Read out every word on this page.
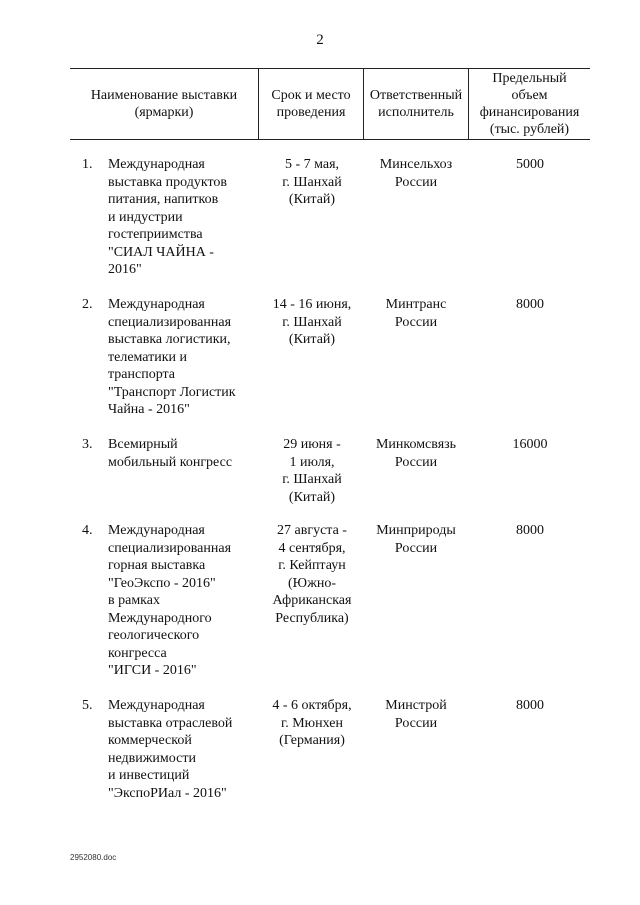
2
Наименование выставки
(ярмарки)
Срок и место
проведения
Ответственный
исполнитель
Предельный
объем
финансирования
(тыс. рублей)
1. Международная
выставка продуктов
питания, напитков
и индустрии
гостеприимства
"СИАЛ ЧАЙНА -
2016"
5 - 7 мая,
г. Шанхай
(Китай)
Минсельхоз
России
5000
2. Международная
специализированная
выставка логистики,
телематики и
транспорта
"Транспорт Логистик
Чайна - 2016"
14 - 16 июня,
г. Шанхай
(Китай)
Минтранс
России
8000
3. Всемирный
мобильный конгресс
29 июня -
1 июля,
г. Шанхай
(Китай)
Минкомсвязь
России
16000
4. Международная
специализированная
горная выставка
"ГеоЭкспо - 2016"
в рамках
Международного
геологического
конгресса
"ИГСИ - 2016"
27 августа -
4 сентября,
г. Кейптаун
(Южно-
Африканская
Республика)
Минприроды
России
8000
5. Международная
выставка отраслевой
коммерческой
недвижимости
и инвестиций
"ЭкспоРИал - 2016"
4 - 6 октября,
г. Мюнхен
(Германия)
Минстрой
России
8000
2952080.doc
